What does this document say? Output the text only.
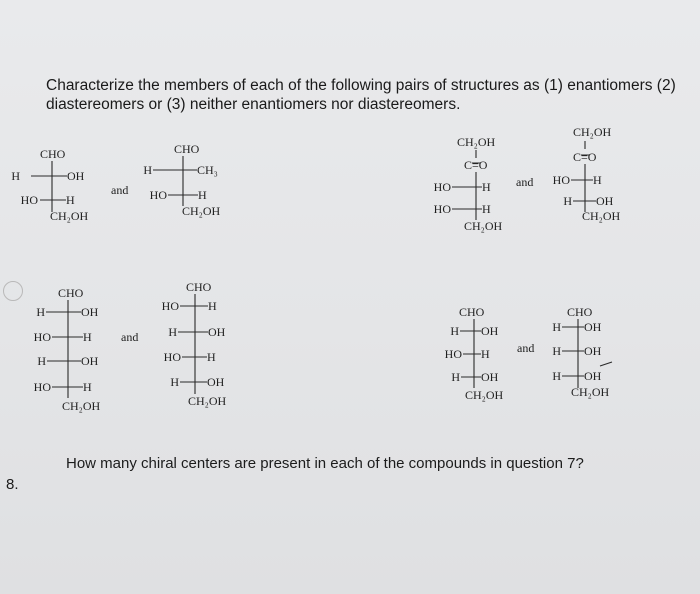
Characterize the members of each of the following pairs of structures as (1) enantiomers (2) diastereomers or (3) neither enantiomers nor diastereomers.
CHO
H	OH
HO H
CH₂OH
and
CHO
H	CH₃
HO	H
CH₂OH
CH₂OH
C=O
HO	H
HO	H
CH₂OH
and
CH₂OH
C=O
HO H
H OH
CH₂OH
CHO
H	OH
HO	H
H	OH
HO	H
CH₂OH
and
CHO
HO H
H	OH
HO H
H OH
CH₂OH
CHO
H OH
HO H
H OH
CH₂OH
and
CHO
H OH
H OH
H OH
CH₂OH
8.
How many chiral centers are present in each of the compounds in question 7?
